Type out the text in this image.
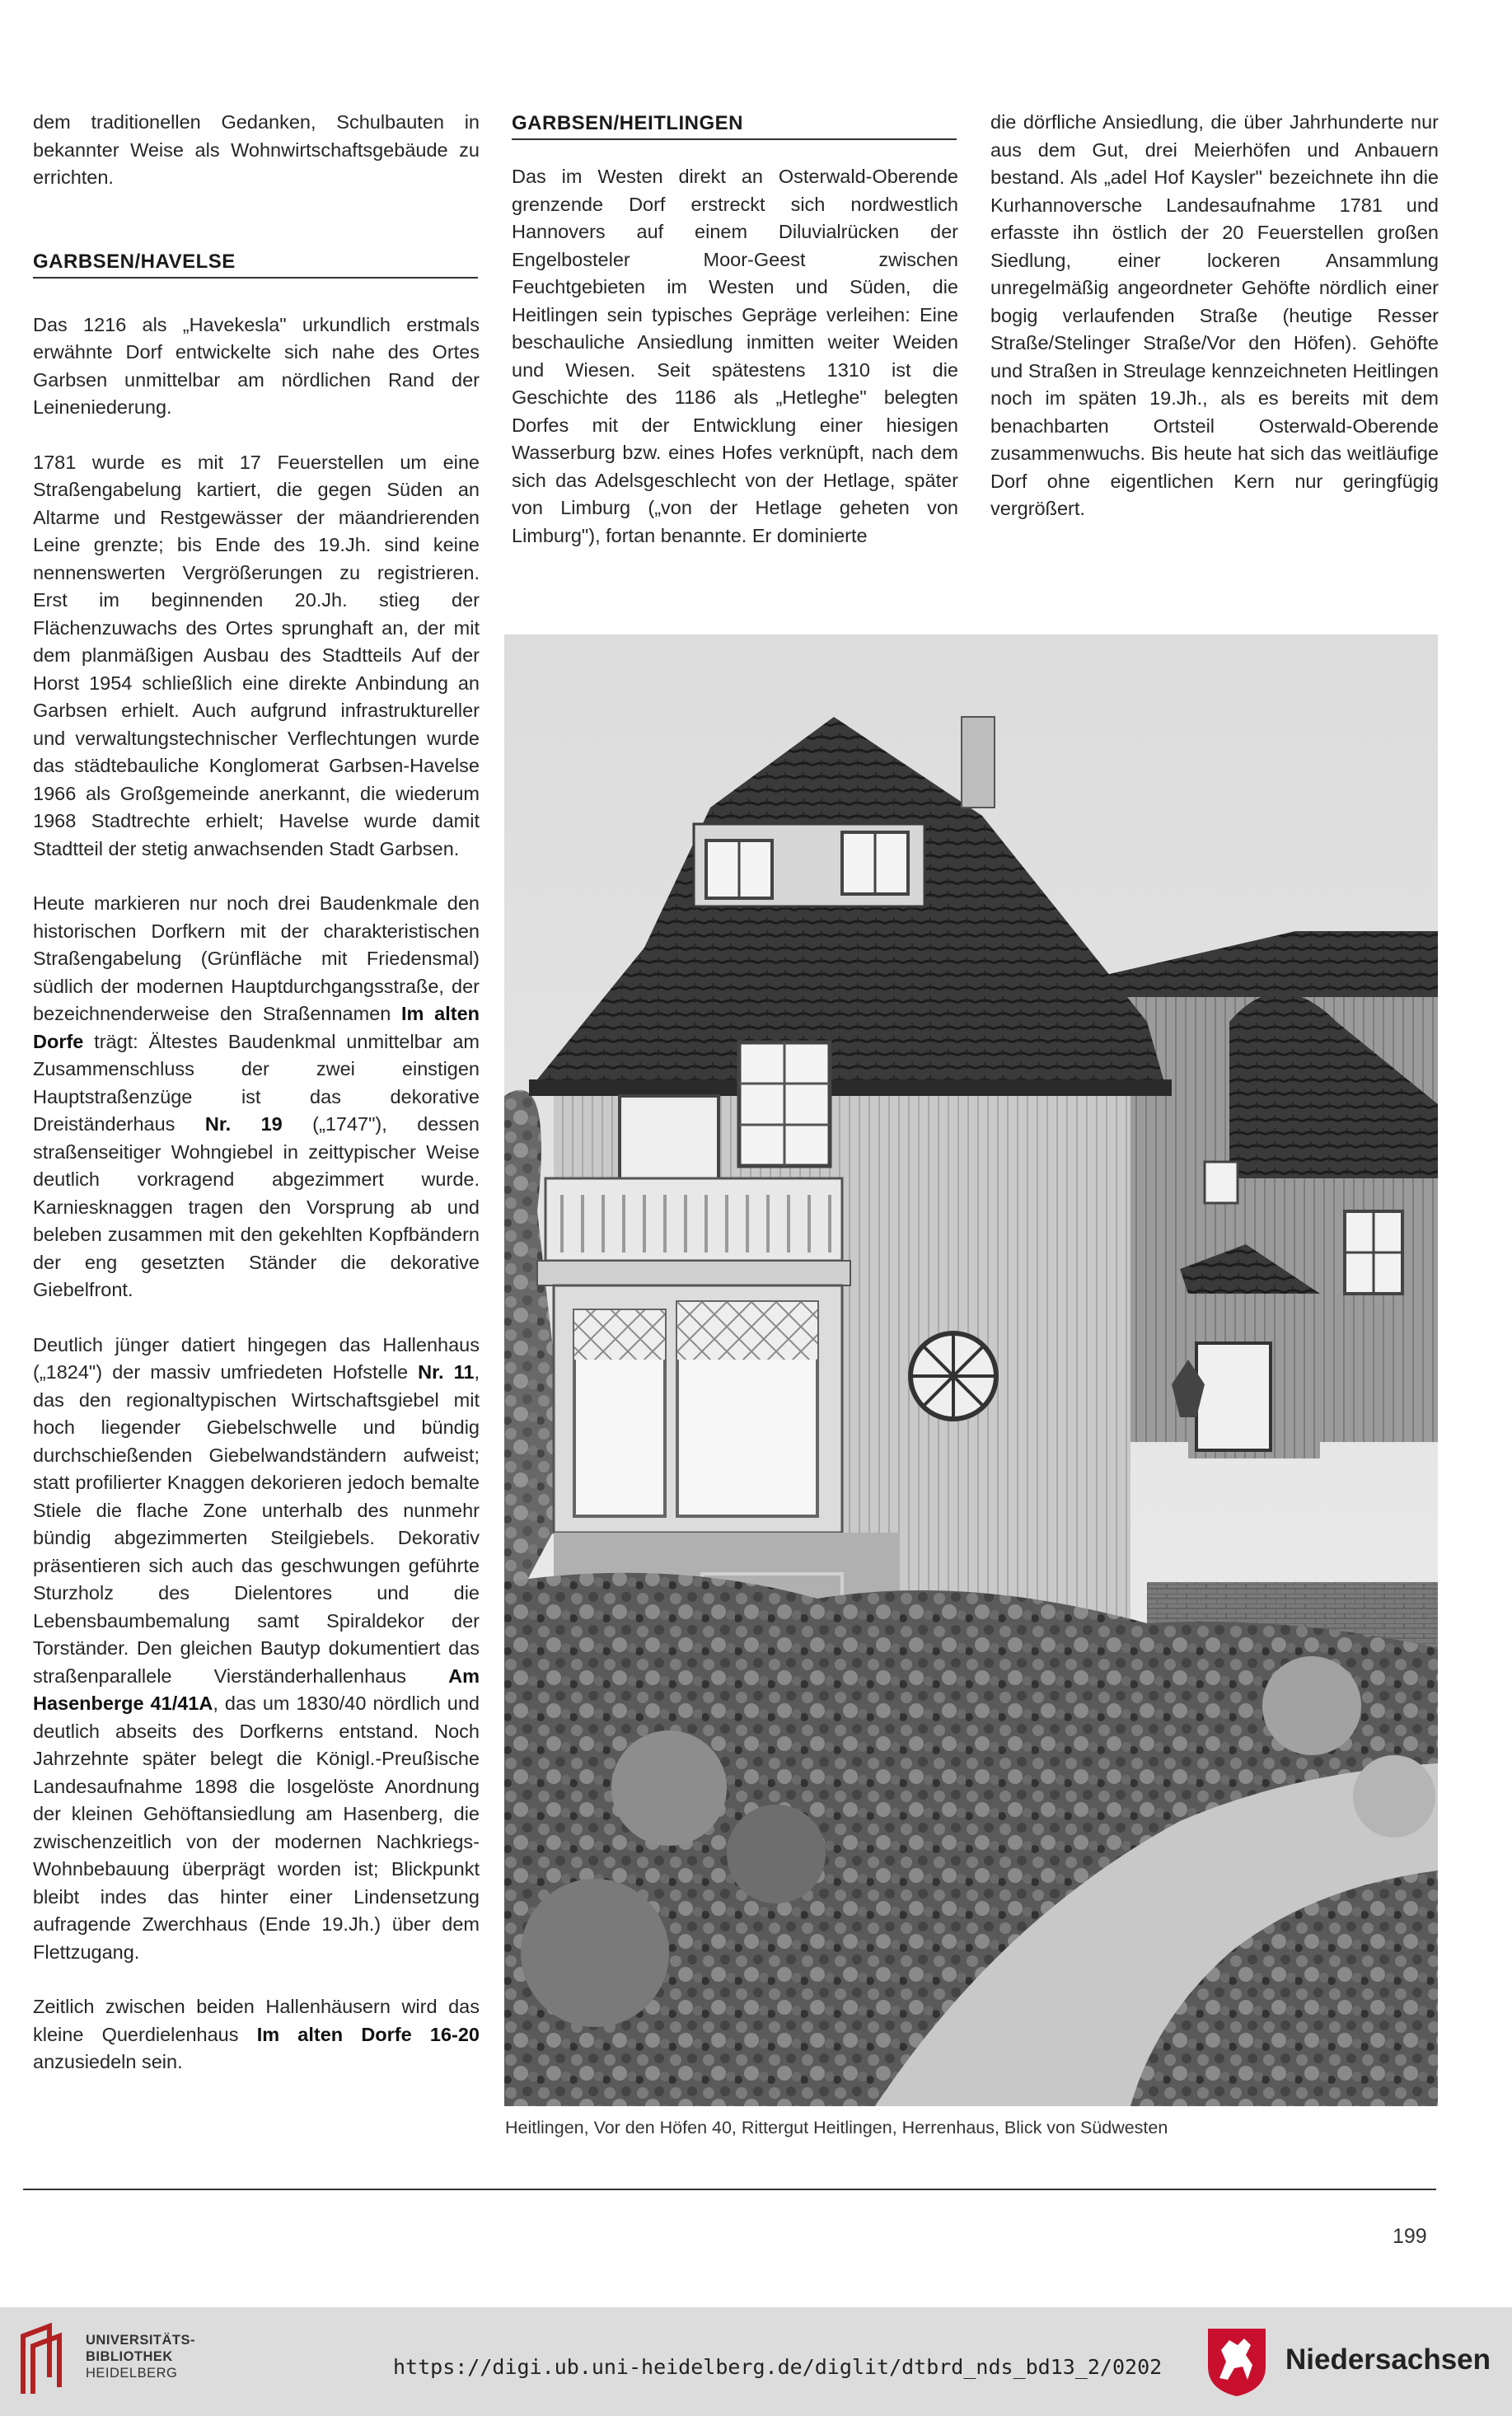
dem traditionellen Gedanken, Schulbauten in bekannter Weise als Wohnwirtschaftsgebäude zu errichten.

Das 1216 als „Havekesla" urkundlich erstmals erwähnte Dorf entwickelte sich nahe des Ortes Garbsen unmittelbar am nördlichen Rand der Leineniederung.

1781 wurde es mit 17 Feuerstellen um eine Straßengabelung kartiert, die gegen Süden an Altarme und Restgewässer der mäandrierenden Leine grenzte; bis Ende des 19.Jh. sind keine nennenswerten Vergrößerungen zu registrieren. Erst im beginnenden 20.Jh. stieg der Flächenzuwachs des Ortes sprunghaft an, der mit dem planmäßigen Ausbau des Stadtteils Auf der Horst 1954 schließlich eine direkte Anbindung an Garbsen erhielt. Auch aufgrund infrastruktureller und verwaltungstechnischer Verflechtungen wurde das städtebauliche Konglomerat Garbsen-Havelse 1966 als Großgemeinde anerkannt, die wiederum 1968 Stadtrechte erhielt; Havelse wurde damit Stadtteil der stetig anwachsenden Stadt Garbsen.

Heute markieren nur noch drei Baudenkmale den historischen Dorfkern mit der charakteristischen Straßengabelung (Grünfläche mit Friedensmal) südlich der modernen Hauptdurchgangsstraße, der bezeichnenderweise den Straßennamen Im alten Dorfe trägt: Ältestes Baudenkmal unmittelbar am Zusammenschluss der zwei einstigen Hauptstraßenzüge ist das dekorative Dreiständerhaus Nr. 19 („1747"), dessen straßenseitiger Wohngiebel in zeittypischer Weise deutlich vorkragend abgezimmert wurde. Karniesknaggen tragen den Vorsprung ab und beleben zusammen mit den gekehlten Kopfbändern der eng gesetzten Ständer die dekorative Giebelfront.

Deutlich jünger datiert hingegen das Hallenhaus („1824") der massiv umfriedeten Hofstelle Nr. 11, das den regionaltypischen Wirtschaftsgiebel mit hoch liegender Giebelschwelle und bündig durchschießenden Giebelwandständern aufweist; statt profilierter Knaggen dekorieren jedoch bemalte Stiele die flache Zone unterhalb des nunmehr bündig abgezimmerten Steilgiebels. Dekorativ präsentieren sich auch das geschwungen geführte Sturzholz des Dielentores und die Lebensbaumbemalung samt Spiraldekor der Torständer. Den gleichen Bautyp dokumentiert das straßenparallele Vierständerhallenhaus Am Hasenberge 41/41A, das um 1830/40 nördlich und deutlich abseits des Dorfkerns entstand. Noch Jahrzehnte später belegt die Königl.-Preußische Landesaufnahme 1898 die losgelöste Anordnung der kleinen Gehöftansiedlung am Hasenberg, die zwischenzeitlich von der modernen Nachkriegs-Wohnbebauung überprägt worden ist; Blickpunkt bleibt indes das hinter einer Lindensetzung aufragende Zwerchhaus (Ende 19.Jh.) über dem Flettzugang.

Zeitlich zwischen beiden Hallenhäusern wird das kleine Querdielenhaus Im alten Dorfe 16-20 anzusiedeln sein.

GARBSEN/HAVELSE
GARBSEN/HEITLINGEN

Das im Westen direkt an Osterwald-Oberende grenzende Dorf erstreckt sich nordwestlich Hannovers auf einem Diluvialrücken der Engelbosteler Moor-Geest zwischen Feuchtgebieten im Westen und Süden, die Heitlingen sein typisches Gepräge verleihen: Eine beschauliche Ansiedlung inmitten weiter Weiden und Wiesen. Seit spätestens 1310 ist die Geschichte des 1186 als „Hetleghe" belegten Dorfes mit der Entwicklung einer hiesigen Wasserburg bzw. eines Hofes verknüpft, nach dem sich das Adelsgeschlecht von der Hetlage, später von Limburg („von der Hetlage geheten von Limburg"), fortan benannte. Er dominierte

die dörfliche Ansiedlung, die über Jahrhunderte nur aus dem Gut, drei Meierhöfen und Anbauern bestand. Als „adel Hof Kaysler" bezeichnete ihn die Kurhannoversche Landesaufnahme 1781 und erfasste ihn östlich der 20 Feuerstellen großen Siedlung, einer lockeren Ansammlung unregelmäßig angeordneter Gehöfte nördlich einer bogig verlaufenden Straße (heutige Resser Straße/Stelinger Straße/Vor den Höfen). Gehöfte und Straßen in Streulage kennzeichneten Heitlingen noch im späten 19.Jh., als es bereits mit dem benachbarten Ortsteil Osterwald-Oberende zusammenwuchs. Bis heute hat sich das weitläufige Dorf ohne eigentlichen Kern nur geringfügig vergrößert.

Heitlingen, Vor den Höfen 40, Rittergut Heitlingen, Herrenhaus, Blick von Südwesten
199
UNIVERSITÄTS-
BIBLIOTHEK
HEIDELBERG	https://digi.ub.uni-heidelberg.de/diglit/dtbrd_nds_bd13_2/0202	Niedersachsen
